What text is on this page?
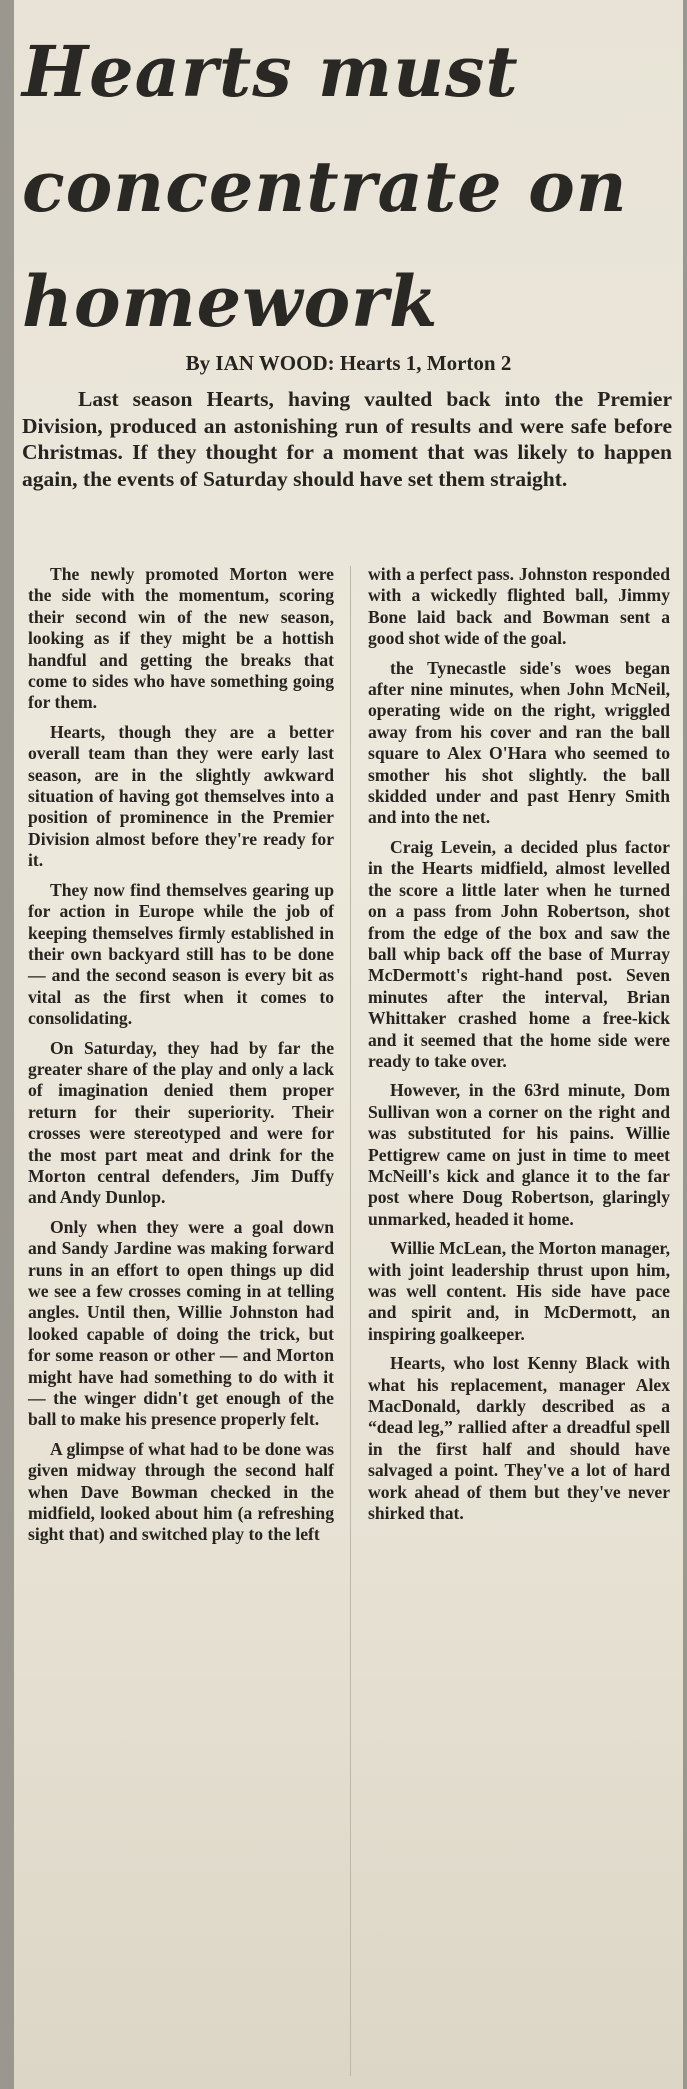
Hearts must concentrate on homework
By IAN WOOD: Hearts 1, Morton 2

Last season Hearts, having vaulted back into the Premier Division, produced an astonishing run of results and were safe before Christmas. If they thought for a moment that was likely to happen again, the events of Saturday should have set them straight.

The newly promoted Morton were the side with the momentum, scoring their second win of the new season, looking as if they might be a hottish handful and getting the breaks that come to sides who have something going for them.

Hearts, though they are a better overall team than they were early last season, are in the slightly awkward situation of having got themselves into a position of prominence in the Premier Division almost before they're ready for it.

They now find themselves gearing up for action in Europe while the job of keeping themselves firmly established in their own backyard still has to be done — and the second season is every bit as vital as the first when it comes to consolidating.

On Saturday, they had by far the greater share of the play and only a lack of imagination denied them proper return for their superiority. Their crosses were stereotyped and were for the most part meat and drink for the Morton central defenders, Jim Duffy and Andy Dunlop.

Only when they were a goal down and Sandy Jardine was making forward runs in an effort to open things up did we see a few crosses coming in at telling angles. Until then, Willie Johnston had looked capable of doing the trick, but for some reason or other — and Morton might have had something to do with it — the winger didn't get enough of the ball to make his presence properly felt.

A glimpse of what had to be done was given midway through the second half when Dave Bowman checked in the midfield, looked about him (a refreshing sight that) and switched play to the left

with a perfect pass. Johnston responded with a wickedly flighted ball, Jimmy Bone laid back and Bowman sent a good shot wide of the goal.

the Tynecastle side's woes began after nine minutes, when John McNeil, operating wide on the right, wriggled away from his cover and ran the ball square to Alex O'Hara who seemed to smother his shot slightly. the ball skidded under and past Henry Smith and into the net.

Craig Levein, a decided plus factor in the Hearts midfield, almost levelled the score a little later when he turned on a pass from John Robertson, shot from the edge of the box and saw the ball whip back off the base of Murray McDermott's right-hand post. Seven minutes after the interval, Brian Whittaker crashed home a free-kick and it seemed that the home side were ready to take over.

However, in the 63rd minute, Dom Sullivan won a corner on the right and was substituted for his pains. Willie Pettigrew came on just in time to meet McNeill's kick and glance it to the far post where Doug Robertson, glaringly unmarked, headed it home.

Willie McLean, the Morton manager, with joint leadership thrust upon him, was well content. His side have pace and spirit and, in McDermott, an inspiring goalkeeper.

Hearts, who lost Kenny Black with what his replacement, manager Alex MacDonald, darkly described as a “dead leg,” rallied after a dreadful spell in the first half and should have salvaged a point. They've a lot of hard work ahead of them but they've never shirked that.
